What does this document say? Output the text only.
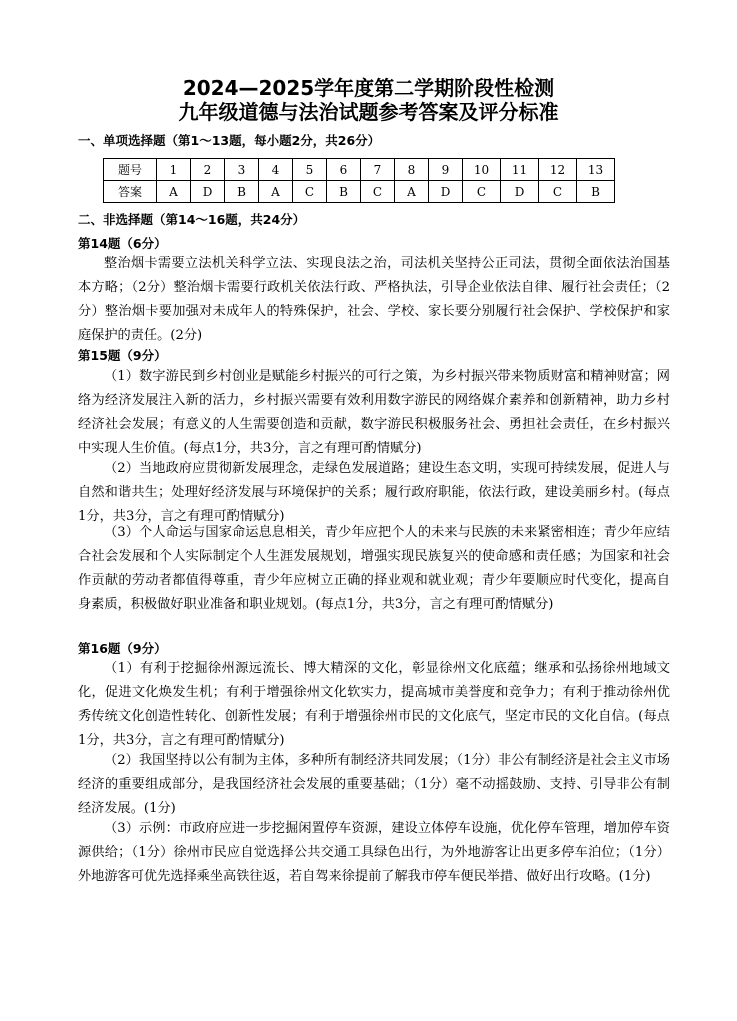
2024—2025学年度第二学期阶段性检测
九年级道德与法治试题参考答案及评分标准
一、单项选择题（第1～13题，每小题2分，共26分）
题号	1	2	3	4	5	6	7	8	9	10	11	12	13
答案	A	D	B	A	C	B	C	A	D	C	D	C	B
二、非选择题（第14～16题，共24分）
第14题（6分）
整治烟卡需要立法机关科学立法、实现良法之治，司法机关坚持公正司法，贯彻全面依法治国基本方略；（2分）整治烟卡需要行政机关依法行政、严格执法，引导企业依法自律、履行社会责任；（2分）整治烟卡要加强对未成年人的特殊保护，社会、学校、家长要分别履行社会保护、学校保护和家庭保护的责任。(2分)
第15题（9分）
（1）数字游民到乡村创业是赋能乡村振兴的可行之策，为乡村振兴带来物质财富和精神财富；网络为经济发展注入新的活力，乡村振兴需要有效利用数字游民的网络媒介素养和创新精神，助力乡村经济社会发展；有意义的人生需要创造和贡献，数字游民积极服务社会、勇担社会责任，在乡村振兴中实现人生价值。(每点1分，共3分，言之有理可酌情赋分)
（2）当地政府应贯彻新发展理念，走绿色发展道路；建设生态文明，实现可持续发展，促进人与自然和谐共生；处理好经济发展与环境保护的关系；履行政府职能，依法行政，建设美丽乡村。(每点1分，共3分，言之有理可酌情赋分)
（3）个人命运与国家命运息息相关，青少年应把个人的未来与民族的未来紧密相连；青少年应结合社会发展和个人实际制定个人生涯发展规划，增强实现民族复兴的使命感和责任感；为国家和社会作贡献的劳动者都值得尊重，青少年应树立正确的择业观和就业观；青少年要顺应时代变化，提高自身素质，积极做好职业准备和职业规划。(每点1分，共3分，言之有理可酌情赋分)
第16题（9分）
（1）有利于挖掘徐州源远流长、博大精深的文化，彰显徐州文化底蕴；继承和弘扬徐州地域文化，促进文化焕发生机；有利于增强徐州文化软实力，提高城市美誉度和竞争力；有利于推动徐州优秀传统文化创造性转化、创新性发展；有利于增强徐州市民的文化底气，坚定市民的文化自信。(每点1分，共3分，言之有理可酌情赋分)
（2）我国坚持以公有制为主体，多种所有制经济共同发展；（1分）非公有制经济是社会主义市场经济的重要组成部分，是我国经济社会发展的重要基础；（1分）毫不动摇鼓励、支持、引导非公有制经济发展。(1分)
（3）示例：市政府应进一步挖掘闲置停车资源，建设立体停车设施，优化停车管理，增加停车资源供给；（1分）徐州市民应自觉选择公共交通工具绿色出行，为外地游客让出更多停车泊位；（1分）外地游客可优先选择乘坐高铁往返，若自驾来徐提前了解我市停车便民举措、做好出行攻略。(1分)
